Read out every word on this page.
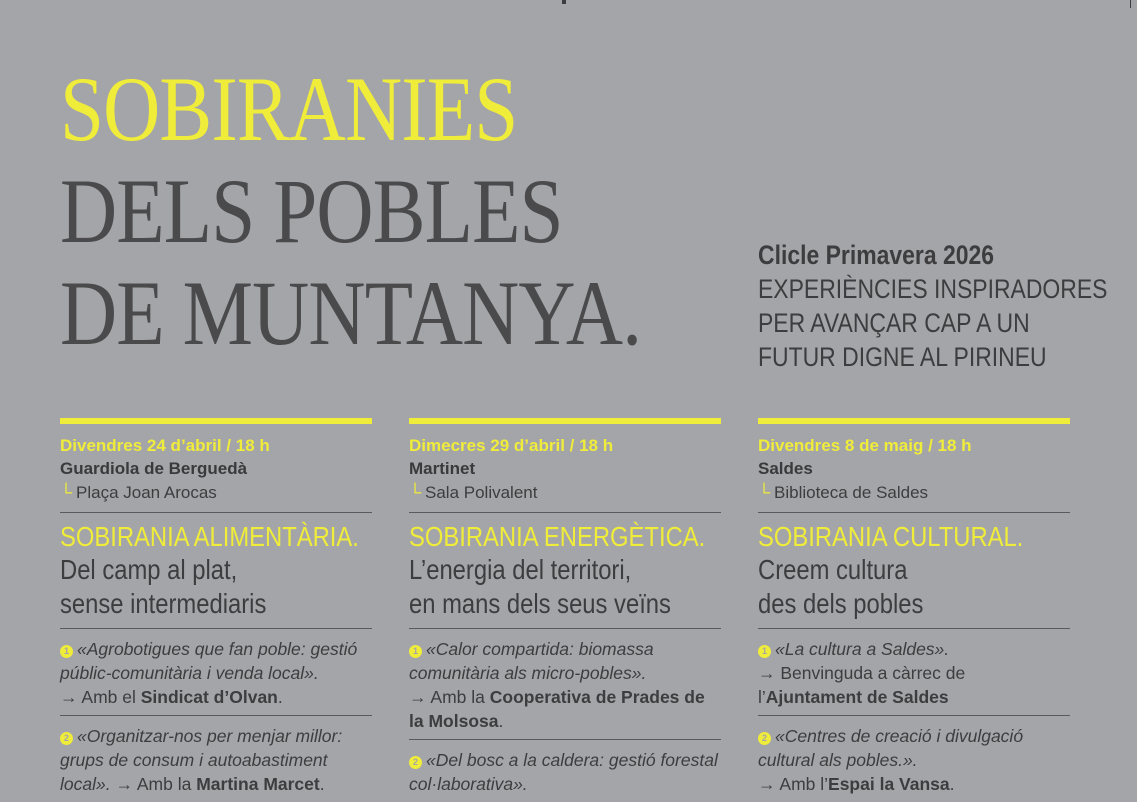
SOBIRANIES
DELS POBLES
DE MUNTANYA.
Clicle Primavera 2026
EXPERIÈNCIES INSPIRADORES
PER AVANÇAR CAP A UN
FUTUR DIGNE AL PIRINEU
Divendres 24 d’abril / 18 h
Guardiola de Berguedà
└ Plaça Joan Arocas
SOBIRANIA ALIMENTÀRIA.
Del camp al plat,
sense intermediaris
1 «Agrobotigues que fan poble: gestió públic-comunitària i venda local».
→ Amb el Sindicat d’Olvan.
2 «Organitzar-nos per menjar millor: grups de consum i autoabastiment local». → Amb la Martina Marcet.
Dimecres 29 d’abril / 18 h
Martinet
└ Sala Polivalent
SOBIRANIA ENERGÈTICA.
L’energia del territori,
en mans dels seus veïns
1 «Calor compartida: biomassa comunitària als micro-pobles».
→ Amb la Cooperativa de Prades de la Molsosa.
2 «Del bosc a la caldera: gestió forestal col·laborativa».
Divendres 8 de maig / 18 h
Saldes
└ Biblioteca de Saldes
SOBIRANIA CULTURAL.
Creem cultura
des dels pobles
1 «La cultura a Saldes».
→ Benvinguda a càrrec de l’Ajuntament de Saldes
2 «Centres de creació i divulgació cultural als pobles.».
→ Amb l’Espai la Vansa.
